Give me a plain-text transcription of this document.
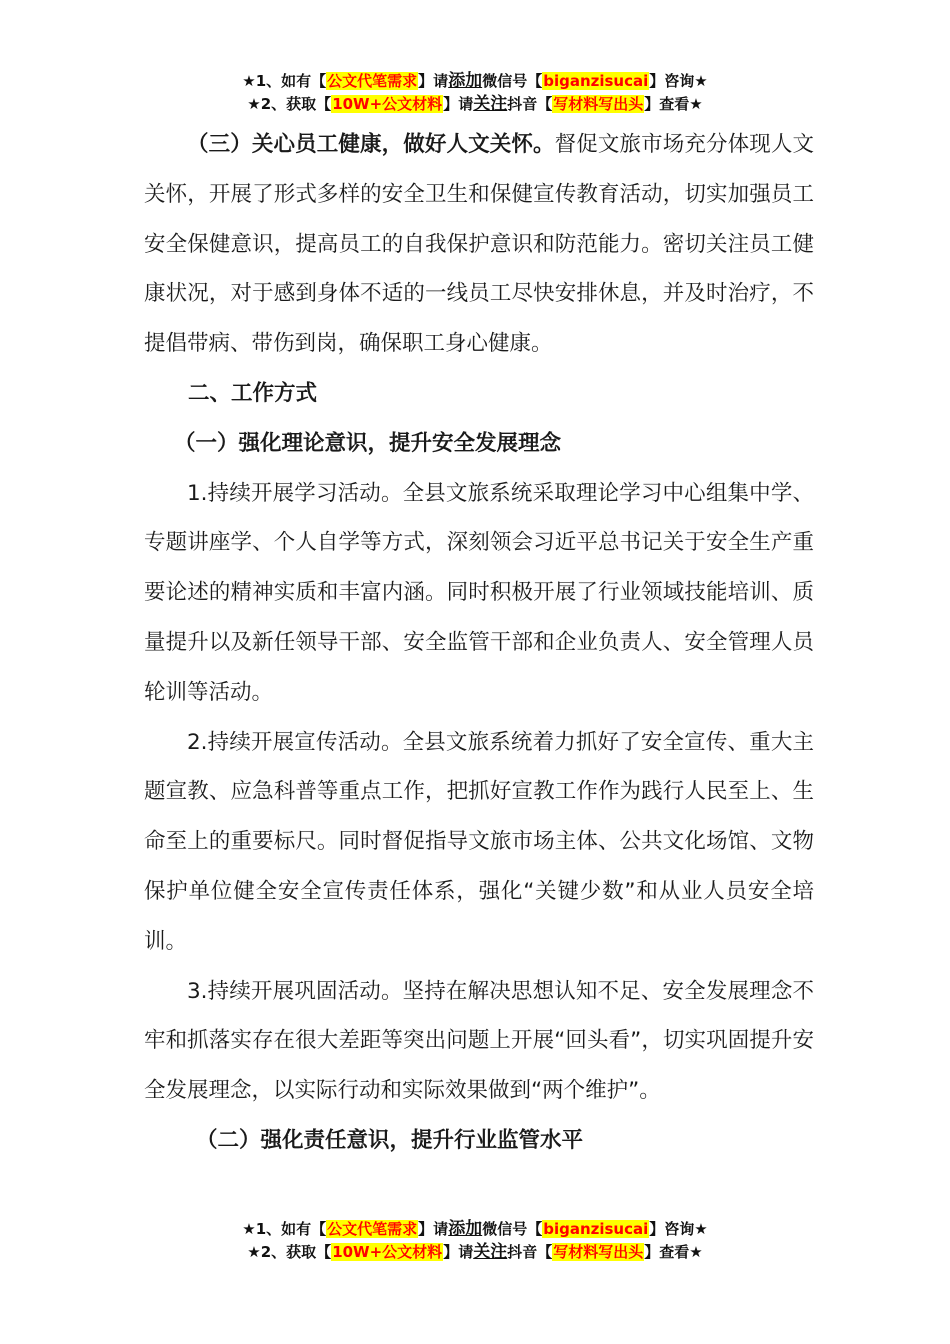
★1、如有【公文代笔需求】请添加微信号【biganzisucai】咨询★
★2、获取【10W+公文材料】请关注抖音【写材料写出头】查看★

（三）关心员工健康，做好人文关怀。督促文旅市场充分体现人文关怀，开展了形式多样的安全卫生和保健宣传教育活动，切实加强员工安全保健意识，提高员工的自我保护意识和防范能力。密切关注员工健康状况，对于感到身体不适的一线员工尽快安排休息，并及时治疗，不提倡带病、带伤到岗，确保职工身心健康。

二、工作方式

（一）强化理论意识，提升安全发展理念

1.持续开展学习活动。全县文旅系统采取理论学习中心组集中学、专题讲座学、个人自学等方式，深刻领会习近平总书记关于安全生产重要论述的精神实质和丰富内涵。同时积极开展了行业领域技能培训、质量提升以及新任领导干部、安全监管干部和企业负责人、安全管理人员轮训等活动。

2.持续开展宣传活动。全县文旅系统着力抓好了安全宣传、重大主题宣教、应急科普等重点工作，把抓好宣教工作作为践行人民至上、生命至上的重要标尺。同时督促指导文旅市场主体、公共文化场馆、文物保护单位健全安全宣传责任体系，强化“关键少数”和从业人员安全培训。

3.持续开展巩固活动。坚持在解决思想认知不足、安全发展理念不牢和抓落实存在很大差距等突出问题上开展“回头看”，切实巩固提升安全发展理念，以实际行动和实际效果做到“两个维护”。

（二）强化责任意识，提升行业监管水平

★1、如有【公文代笔需求】请添加微信号【biganzisucai】咨询★
★2、获取【10W+公文材料】请关注抖音【写材料写出头】查看★
